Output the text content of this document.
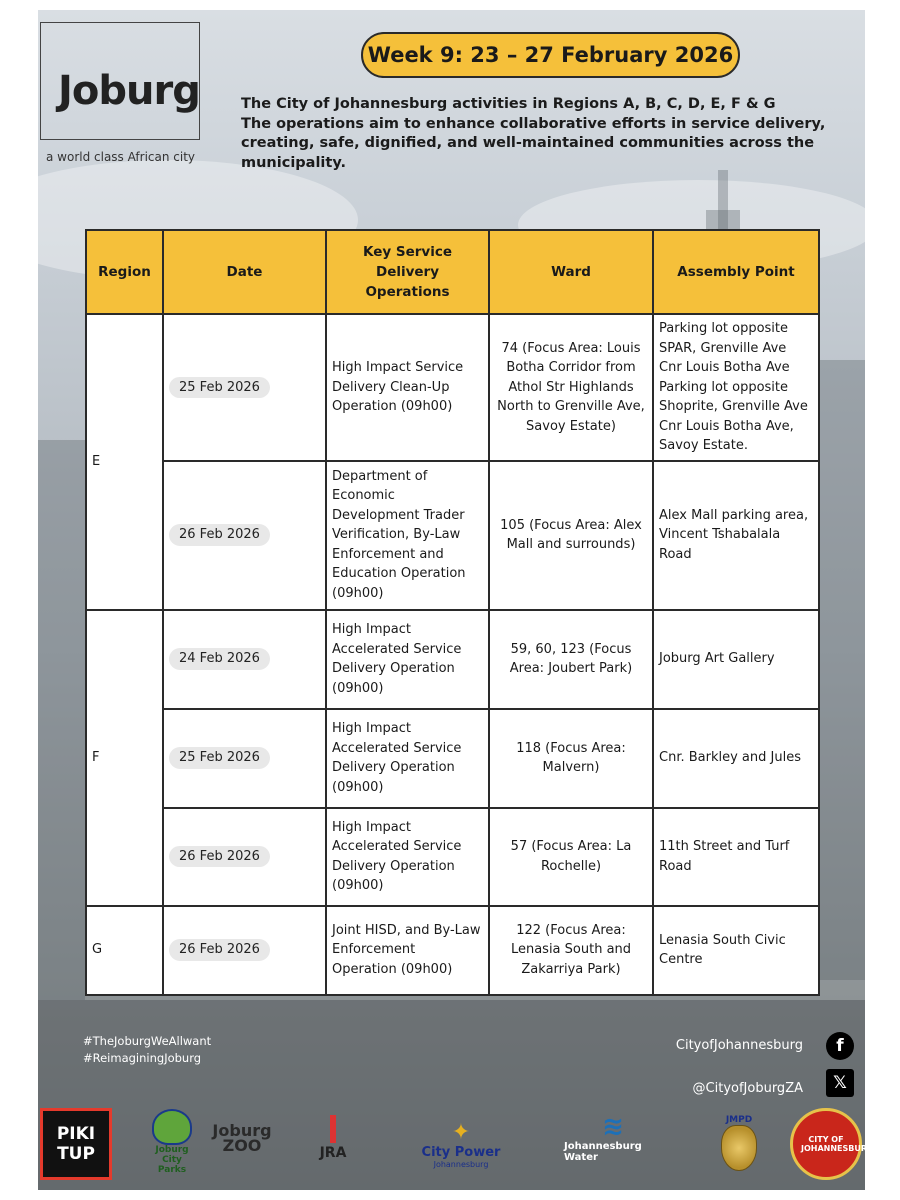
Joburg
a world class African city
Week 9: 23 – 27 February 2026
The City of Johannesburg activities in Regions A, B, C, D, E, F & G
The operations aim to enhance collaborative efforts in service delivery,
creating, safe, dignified, and well-maintained communities across the
municipality.
Region	Date	Key Service Delivery Operations	Ward	Assembly Point
E	25 Feb 2026	High Impact Service Delivery Clean-Up Operation (09h00)	74 (Focus Area: Louis Botha Corridor from Athol Str Highlands North to Grenville Ave, Savoy Estate)	Parking lot opposite SPAR, Grenville Ave Cnr Louis Botha Ave Parking lot opposite Shoprite, Grenville Ave Cnr Louis Botha Ave, Savoy Estate.
	26 Feb 2026	Department of Economic Development Trader Verification, By-Law Enforcement and Education Operation (09h00)	105 (Focus Area: Alex Mall and surrounds)	Alex Mall parking area, Vincent Tshabalala Road
F	24 Feb 2026	High Impact Accelerated Service Delivery Operation (09h00)	59, 60, 123 (Focus Area: Joubert Park)	Joburg Art Gallery
	25 Feb 2026	High Impact Accelerated Service Delivery Operation (09h00)	118 (Focus Area: Malvern)	Cnr. Barkley and Jules
	26 Feb 2026	High Impact Accelerated Service Delivery Operation (09h00)	57 (Focus Area: La Rochelle)	11th Street and Turf Road
G	26 Feb 2026	Joint HISD, and By-Law Enforcement Operation (09h00)	122 (Focus Area: Lenasia South and Zakarriya Park)	Lenasia South Civic Centre
#TheJoburgWeAllwant
#ReimaginingJoburg
CityofJohannesburg	f
@CityofJoburgZA	𝕏
PIKI TUP	Joburg City Parks
Joburg
ZOO	JRA
✦
City Power
Johannesburg
≋
Johannesburg Water
JMPD
CITY OF JOHANNESBURG
